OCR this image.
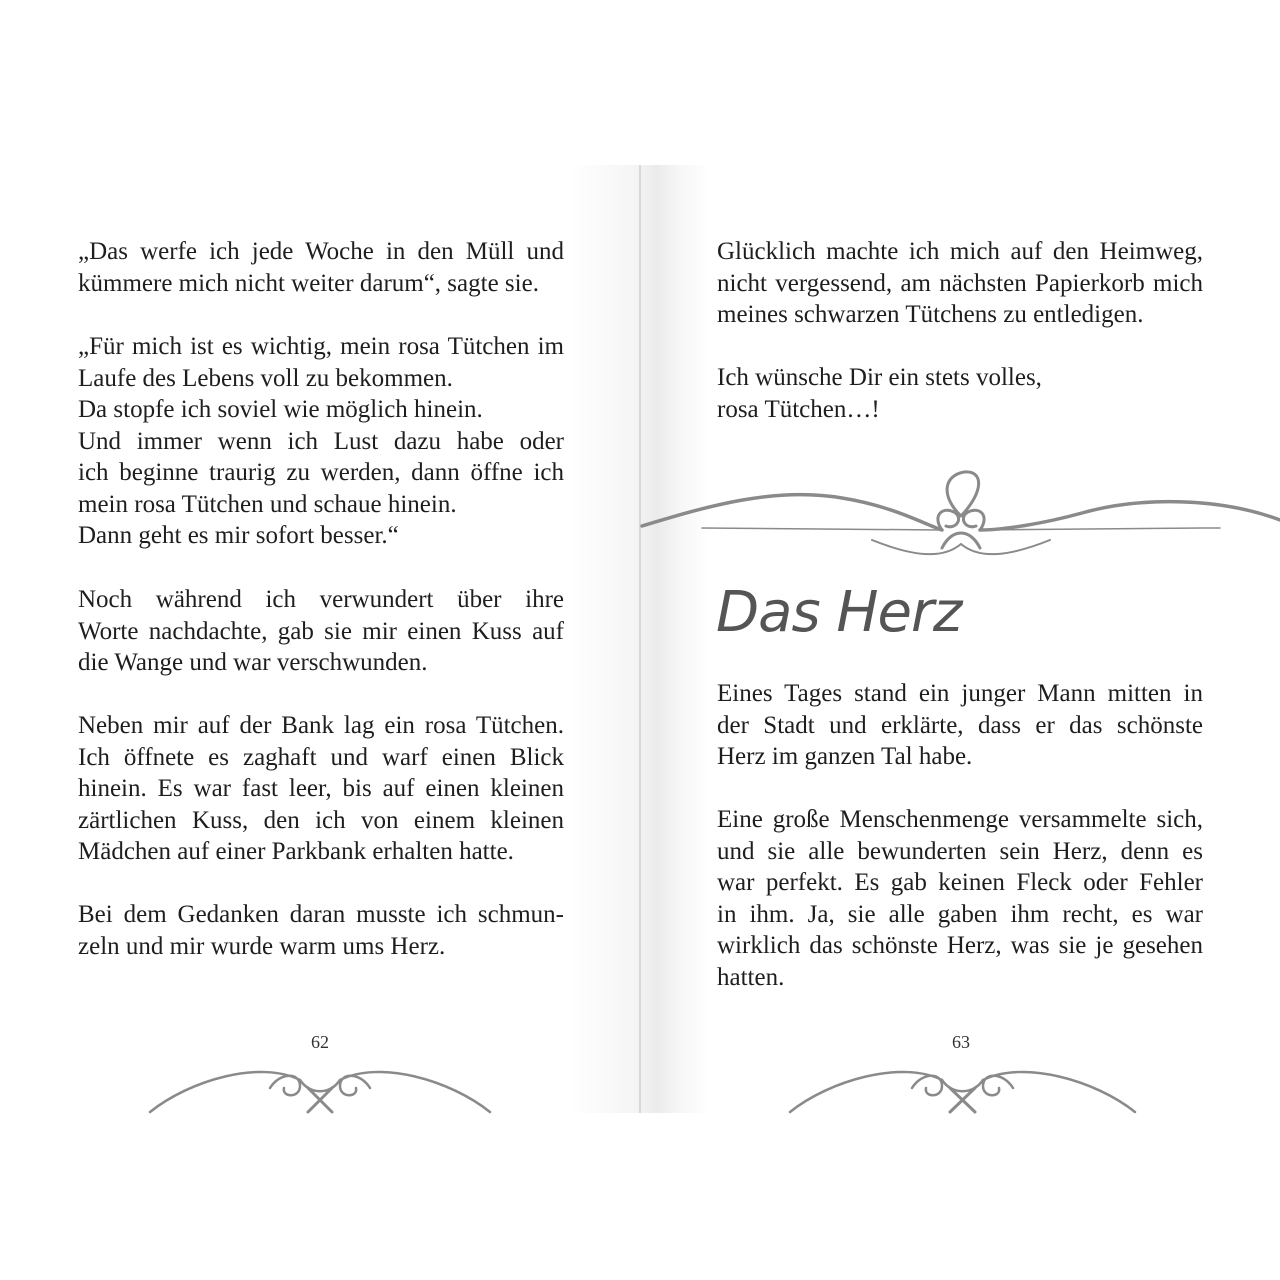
„Das werfe ich jede Woche in den Müll und
kümmere mich nicht weiter darum“, sagte sie.

„Für mich ist es wichtig, mein rosa Tütchen im
Laufe des Lebens voll zu bekommen.
Da stopfe ich soviel wie möglich hinein.
Und immer wenn ich Lust dazu habe oder
ich beginne traurig zu werden, dann öffne ich
mein rosa Tütchen und schaue hinein.
Dann geht es mir sofort besser.“

Noch während ich verwundert über ihre
Worte nachdachte, gab sie mir einen Kuss auf
die Wange und war verschwunden.

Neben mir auf der Bank lag ein rosa Tütchen.
Ich öffnete es zaghaft und warf einen Blick
hinein. Es war fast leer, bis auf einen kleinen
zärtlichen Kuss, den ich von einem kleinen
Mädchen auf einer Parkbank erhalten hatte.

Bei dem Gedanken daran musste ich schmun-
zeln und mir wurde warm ums Herz.

62

Glücklich machte ich mich auf den Heimweg,
nicht vergessend, am nächsten Papierkorb mich
meines schwarzen Tütchens zu entledigen.

Ich wünsche Dir ein stets volles,
rosa Tütchen…!

Eines Tages stand ein junger Mann mitten in
der Stadt und erklärte, dass er das schönste
Herz im ganzen Tal habe.

Eine große Menschenmenge versammelte sich,
und sie alle bewunderten sein Herz, denn es
war perfekt. Es gab keinen Fleck oder Fehler
in ihm. Ja, sie alle gaben ihm recht, es war
wirklich das schönste Herz, was sie je gesehen
hatten.

Das Herz
63
